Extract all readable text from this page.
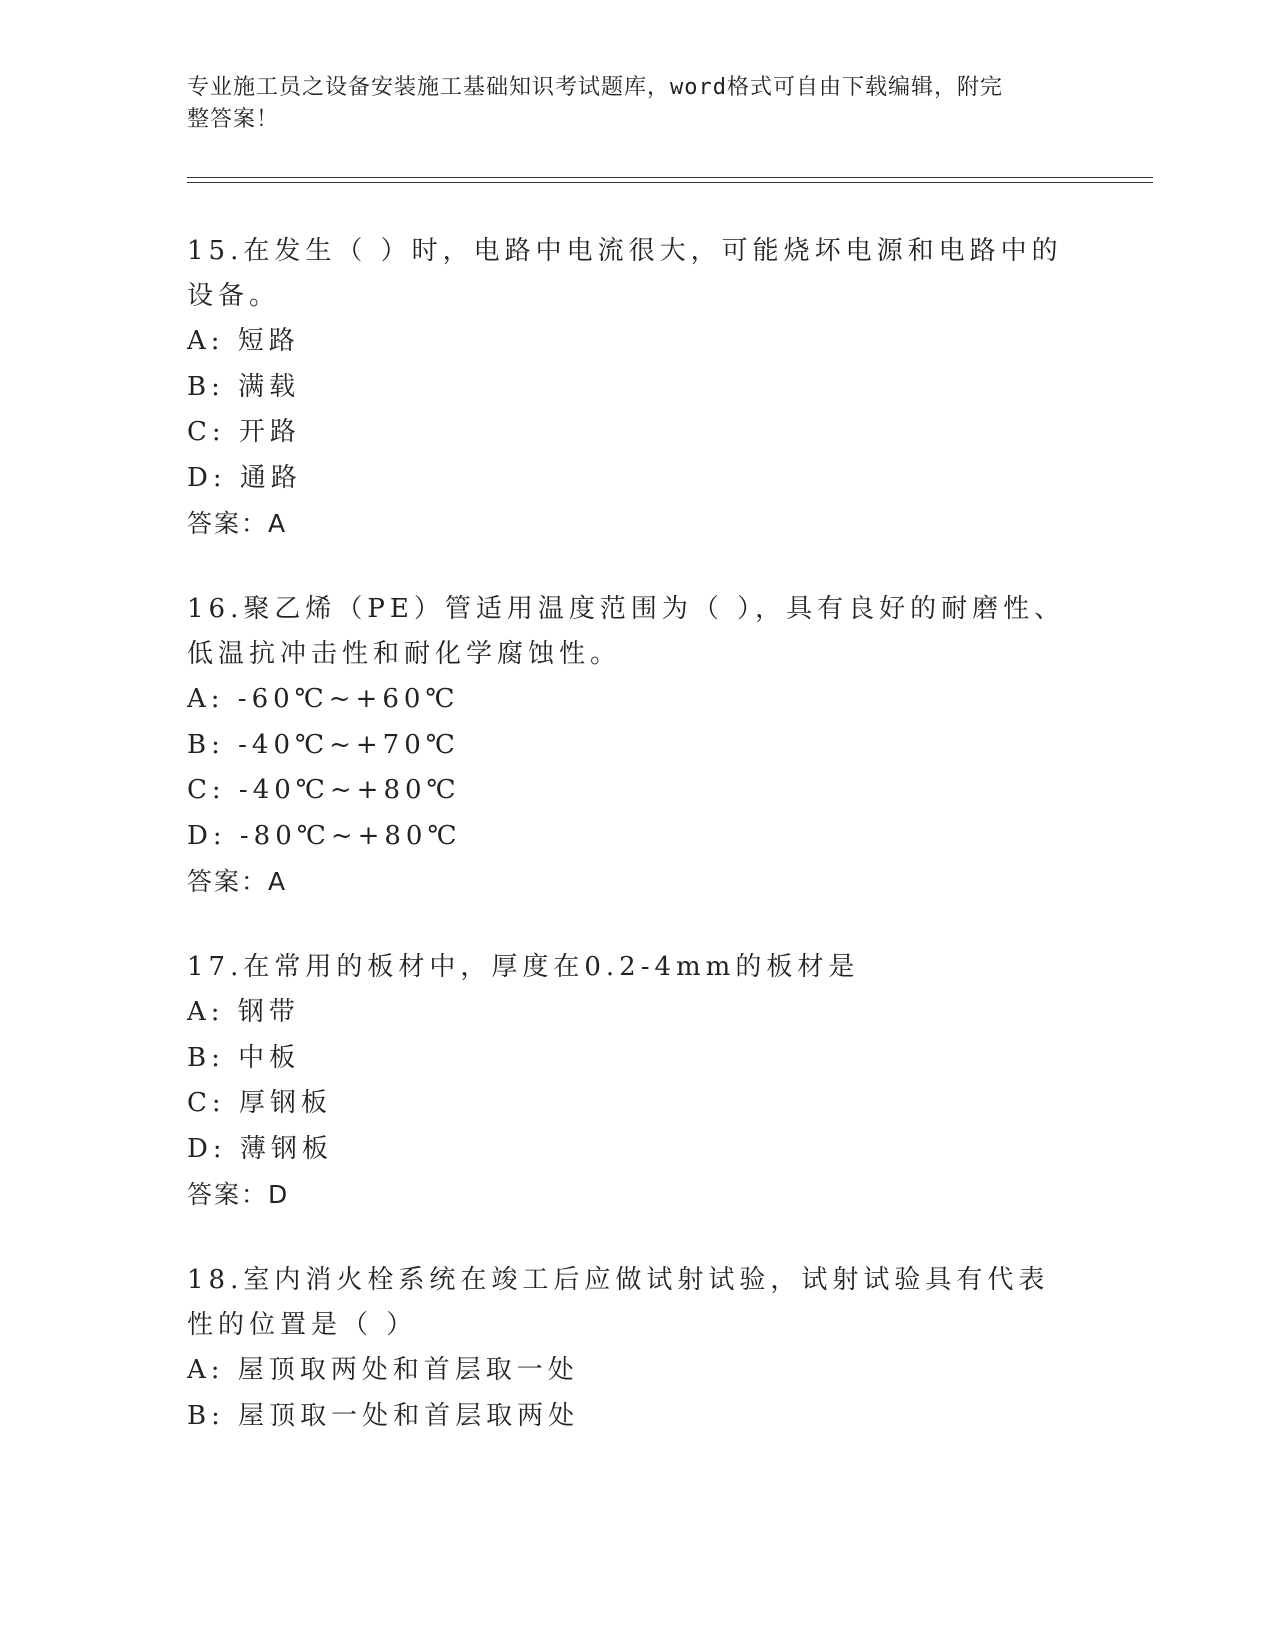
专业施工员之设备安装施工基础知识考试题库，word格式可自由下载编辑，附完
整答案！

15.在发生（ ）时，电路中电流很大，可能烧坏电源和电路中的设备。

A: 短路

B: 满载

C: 开路

D: 通路

答案：A

16.聚乙烯（PE）管适用温度范围为（ ），具有良好的耐磨性、低温抗冲击性和耐化学腐蚀性。

A: -60℃~+60℃

B: -40℃~+70℃

C: -40℃~+80℃

D: -80℃~+80℃

答案：A

17.在常用的板材中，厚度在0.2-4mm的板材是

A: 钢带

B: 中板

C: 厚钢板

D: 薄钢板

答案：D

18.室内消火栓系统在竣工后应做试射试验，试射试验具有代表性的位置是（ ）

A: 屋顶取两处和首层取一处

B: 屋顶取一处和首层取两处
